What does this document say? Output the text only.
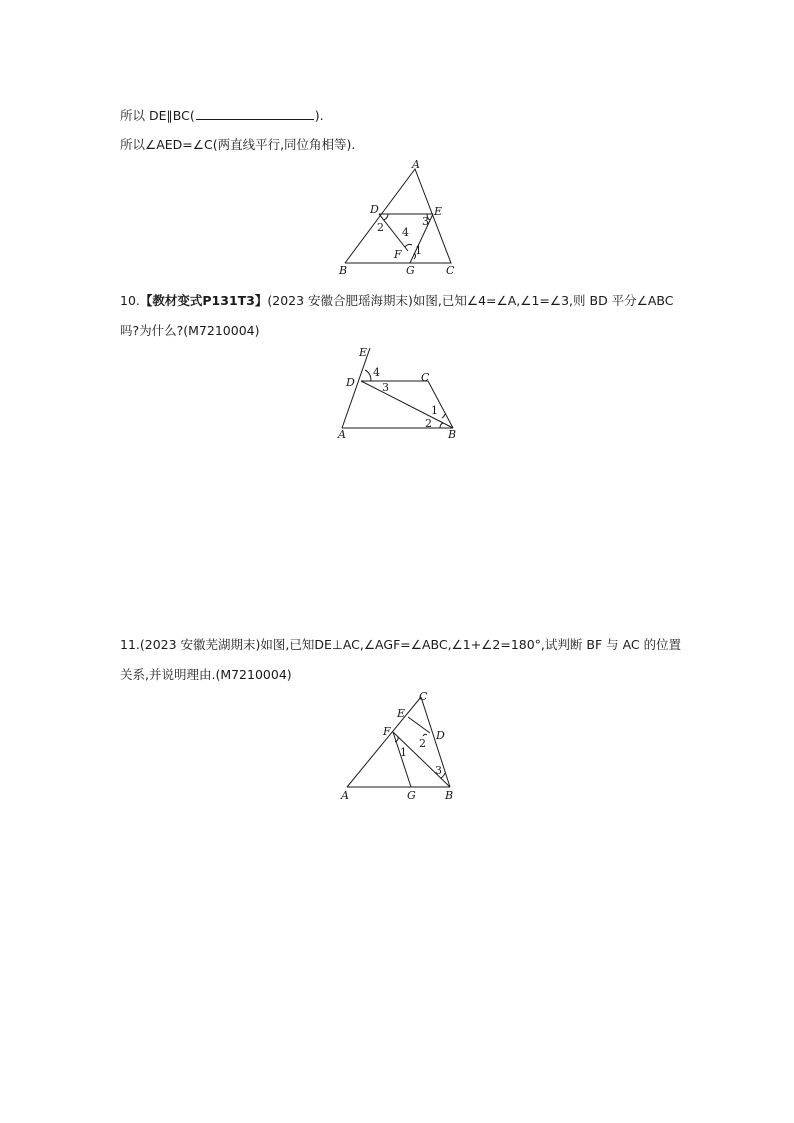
所以 DE∥BC(	).
所以∠AED=∠C(两直线平行,同位角相等).
A
B	C
D	E
F
G
1
2	3
4
10.【教材变式P131T3】(2023 安徽合肥瑶海期末)如图,已知∠4=∠A,∠1=∠3,则 BD 平分∠ABC
吗?为什么?(M7210004)
E
D	C
A	B
4
3
1
2
11.(2023 安徽芜湖期末)如图,已知DE⊥AC,∠AGF=∠ABC,∠1+∠2=180°,试判断 BF 与 AC 的位置
关系,并说明理由.(M7210004)
C
E
F	D
A	G	B
1
2
3
